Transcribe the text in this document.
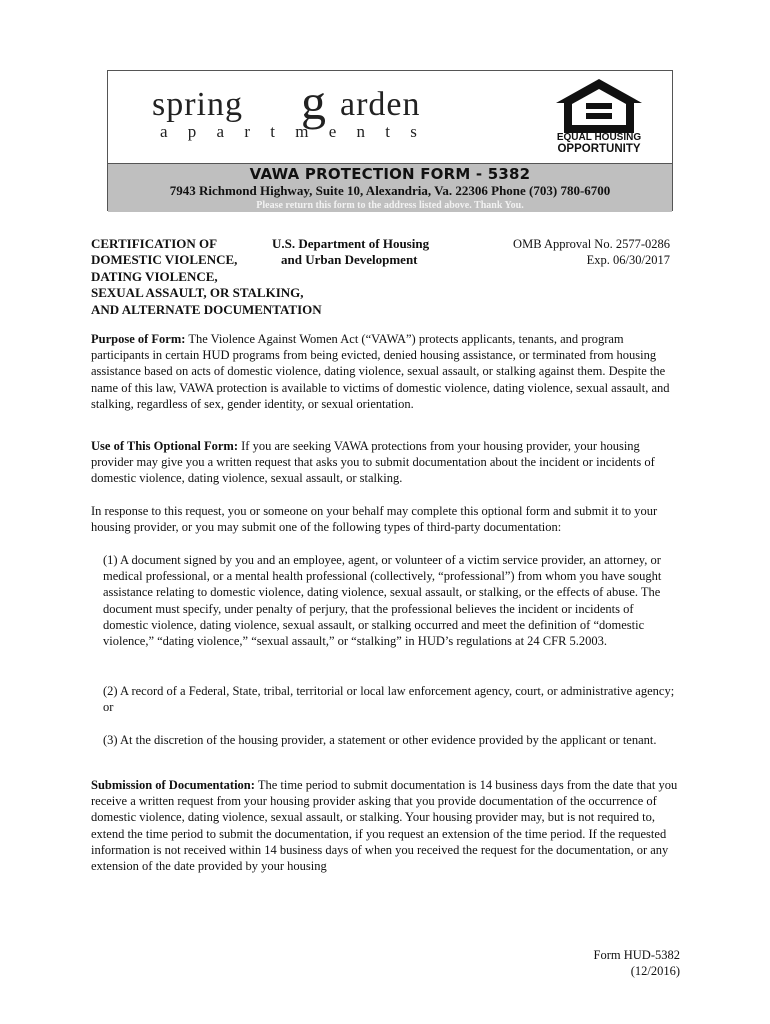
spring g arden
a p a r t m e n t s	EQUAL HOUSING
OPPORTUNITY
VAWA PROTECTION FORM - 5382
7943 Richmond Highway, Suite 10, Alexandria, Va. 22306 Phone (703) 780-6700
Please return this form to the address listed above. Thank You.
CERTIFICATION OF
DOMESTIC VIOLENCE,
DATING VIOLENCE,
SEXUAL ASSAULT, OR STALKING,
AND ALTERNATE DOCUMENTATION
U.S. Department of Housing
and Urban Development
OMB Approval No. 2577-0286
Exp. 06/30/2017

Purpose of Form: The Violence Against Women Act (“VAWA”) protects applicants, tenants, and program participants in certain HUD programs from being evicted, denied housing assistance, or terminated from housing assistance based on acts of domestic violence, dating violence, sexual assault, or stalking against them. Despite the name of this law, VAWA protection is available to victims of domestic violence, dating violence, sexual assault, and stalking, regardless of sex, gender identity, or sexual orientation.

Use of This Optional Form: If you are seeking VAWA protections from your housing provider, your housing provider may give you a written request that asks you to submit documentation about the incident or incidents of domestic violence, dating violence, sexual assault, or stalking.

In response to this request, you or someone on your behalf may complete this optional form and submit it to your housing provider, or you may submit one of the following types of third-party documentation:

(1) A document signed by you and an employee, agent, or volunteer of a victim service provider, an attorney, or medical professional, or a mental health professional (collectively, “professional”) from whom you have sought assistance relating to domestic violence, dating violence, sexual assault, or stalking, or the effects of abuse. The document must specify, under penalty of perjury, that the professional believes the incident or incidents of domestic violence, dating violence, sexual assault, or stalking occurred and meet the definition of “domestic violence,” “dating violence,” “sexual assault,” or “stalking” in HUD’s regulations at 24 CFR 5.2003.

(2) A record of a Federal, State, tribal, territorial or local law enforcement agency, court, or administrative agency; or

(3) At the discretion of the housing provider, a statement or other evidence provided by the applicant or tenant.

Submission of Documentation: The time period to submit documentation is 14 business days from the date that you receive a written request from your housing provider asking that you provide documentation of the occurrence of domestic violence, dating violence, sexual assault, or stalking. Your housing provider may, but is not required to, extend the time period to submit the documentation, if you request an extension of the time period. If the requested information is not received within 14 business days of when you received the request for the documentation, or any extension of the date provided by your housing

Form HUD-5382
(12/2016)
